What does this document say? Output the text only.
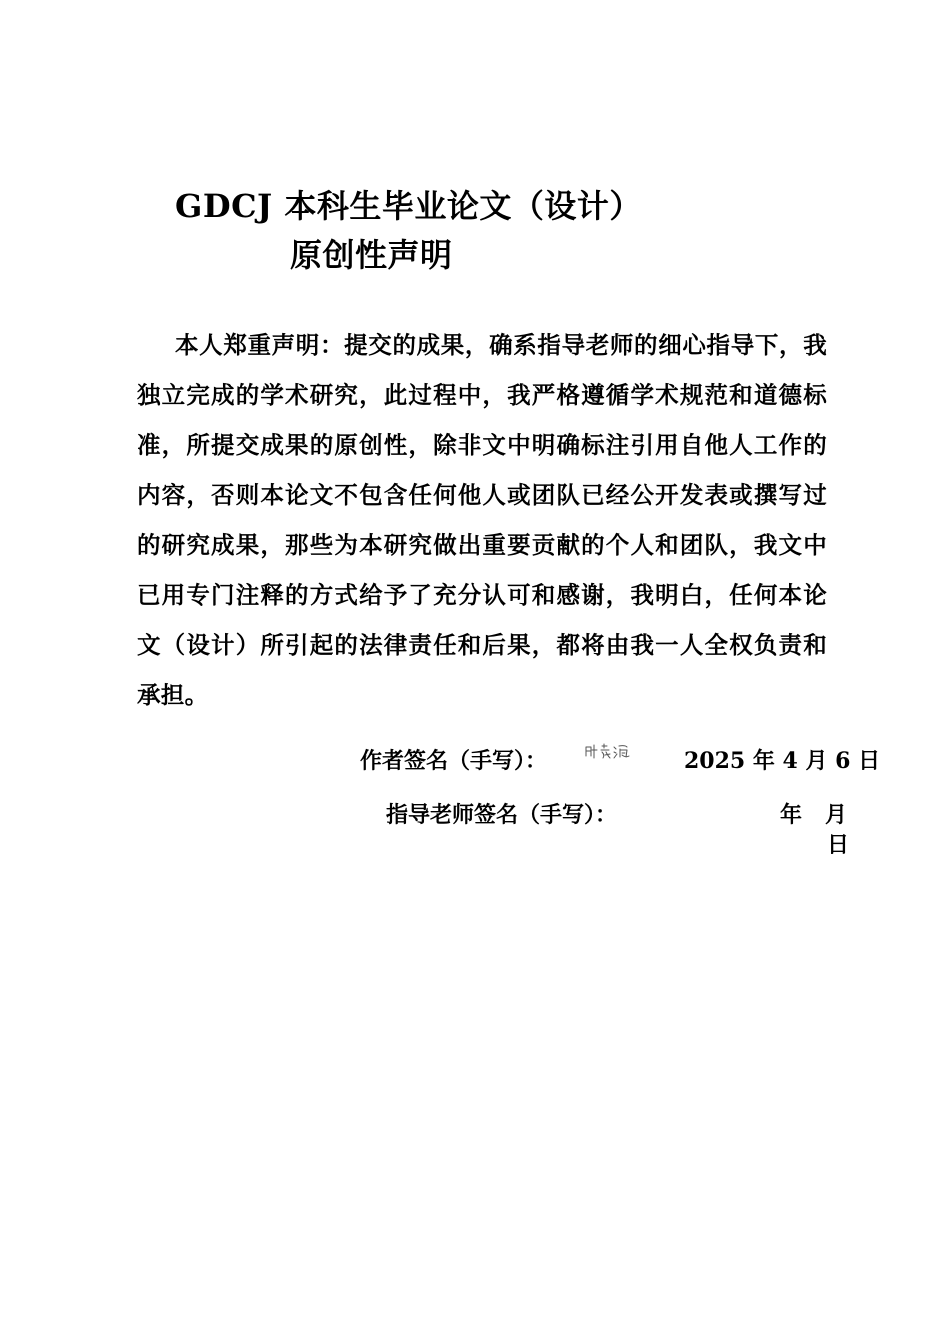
GDCJ 本科生毕业论文（设计）
原创性声明

本人郑重声明：提交的成果，确系指导老师的细心指导下，我独立完成的学术研究，此过程中，我严格遵循学术规范和道德标准，所提交成果的原创性，除非文中明确标注引用自他人工作的内容，否则本论文不包含任何他人或团队已经公开发表或撰写过的研究成果，那些为本研究做出重要贡献的个人和团队，我文中已用专门注释的方式给予了充分认可和感谢，我明白，任何本论文（设计）所引起的法律责任和后果，都将由我一人全权负责和承担。

作者签名（手写）：	2025 年 4 月 6 日
指导老师签名（手写）：	年   月
日
